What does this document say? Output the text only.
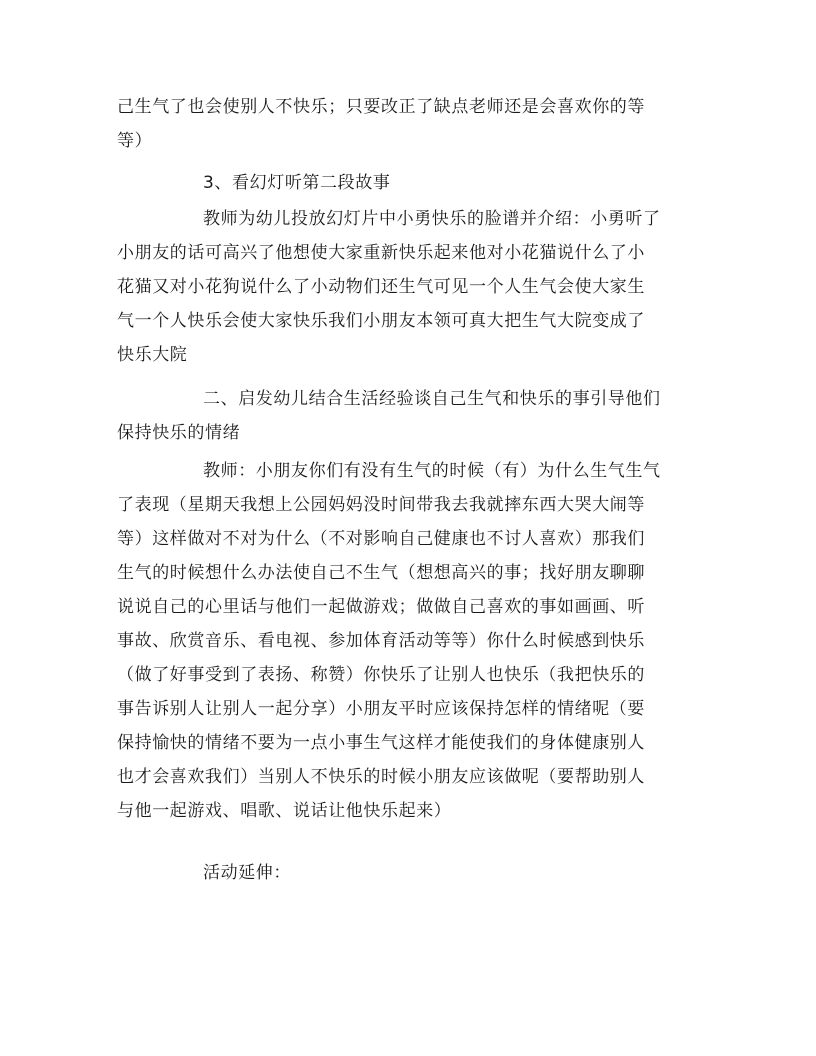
己生气了也会使别人不快乐；只要改正了缺点老师还是会喜欢你的等
等）

3、看幻灯听第二段故事

教师为幼儿投放幻灯片中小勇快乐的脸谱并介绍：小勇听了
小朋友的话可高兴了他想使大家重新快乐起来他对小花猫说什么了小
花猫又对小花狗说什么了小动物们还生气可见一个人生气会使大家生
气一个人快乐会使大家快乐我们小朋友本领可真大把生气大院变成了
快乐大院

二、启发幼儿结合生活经验谈自己生气和快乐的事引导他们
保持快乐的情绪

教师：小朋友你们有没有生气的时候（有）为什么生气生气
了表现（星期天我想上公园妈妈没时间带我去我就摔东西大哭大闹等
等）这样做对不对为什么（不对影响自己健康也不讨人喜欢）那我们
生气的时候想什么办法使自己不生气（想想高兴的事；找好朋友聊聊
说说自己的心里话与他们一起做游戏；做做自己喜欢的事如画画、听
事故、欣赏音乐、看电视、参加体育活动等等）你什么时候感到快乐
（做了好事受到了表扬、称赞）你快乐了让别人也快乐（我把快乐的
事告诉别人让别人一起分享）小朋友平时应该保持怎样的情绪呢（要
保持愉快的情绪不要为一点小事生气这样才能使我们的身体健康别人
也才会喜欢我们）当别人不快乐的时候小朋友应该做呢（要帮助别人
与他一起游戏、唱歌、说话让他快乐起来）

活动延伸：
